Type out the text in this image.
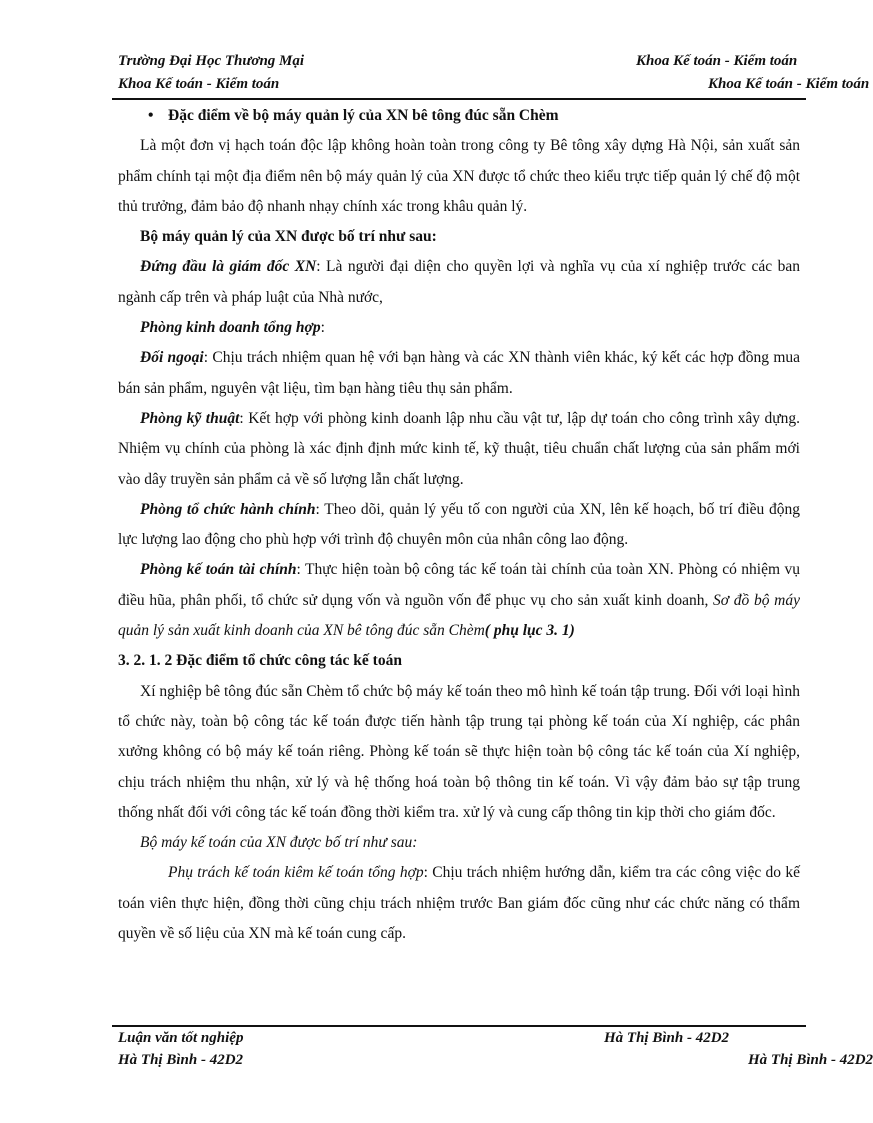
Trường Đại Học Thương Mại	Khoa Kế toán - Kiểm toán
Khoa Kế toán - Kiểm toán	Khoa Kế toán - Kiểm toán

• Đặc điểm về bộ máy quản lý của XN bê tông đúc sẵn Chèm

Là một đơn vị hạch toán độc lập không hoàn toàn trong công ty Bê tông xây dựng Hà Nội, sản xuất sản phẩm chính tại một địa điểm nên bộ máy quản lý của XN được tổ chức theo kiểu trực tiếp quản lý chế độ một thủ trưởng, đảm bảo độ nhanh nhạy chính xác trong khâu quản lý.

Bộ máy quản lý của XN được bố trí như sau:

Đứng đầu là giám đốc XN: Là người đại diện cho quyền lợi và nghĩa vụ của xí nghiệp trước các ban ngành cấp trên và pháp luật của Nhà nước,

Phòng kinh doanh tổng hợp:

Đối ngoại: Chịu trách nhiệm quan hệ với bạn hàng và các XN thành viên khác, ký kết các hợp đồng mua bán sản phẩm, nguyên vật liệu, tìm bạn hàng tiêu thụ sản phẩm.

Phòng kỹ thuật: Kết hợp với phòng kinh doanh lập nhu cầu vật tư, lập dự toán cho công trình xây dựng. Nhiệm vụ chính của phòng là xác định định mức kinh tế, kỹ thuật, tiêu chuẩn chất lượng của sản phẩm mới vào dây truyền sản phẩm cả về số lượng lẫn chất lượng.

Phòng tổ chức hành chính: Theo dõi, quản lý yếu tố con người của XN, lên kế hoạch, bố trí điều động lực lượng lao động cho phù hợp với trình độ chuyên môn của nhân công lao động.

Phòng kế toán tài chính: Thực hiện toàn bộ công tác kế toán tài chính của toàn XN. Phòng có nhiệm vụ điều hũa, phân phối, tổ chức sử dụng vốn và nguồn vốn để phục vụ cho sản xuất kinh doanh, Sơ đồ bộ máy quản lý sản xuất kinh doanh của XN bê tông đúc sẵn Chèm( phụ lục 3. 1)

3. 2. 1. 2 Đặc điểm tổ chức công tác kế toán

Xí nghiệp bê tông đúc sẵn Chèm tổ chức bộ máy kế toán theo mô hình kế toán tập trung. Đối với loại hình tổ chức này, toàn bộ công tác kế toán được tiến hành tập trung tại phòng kế toán của Xí nghiệp, các phân xưởng không có bộ máy kế toán riêng. Phòng kế toán sẽ thực hiện toàn bộ công tác kế toán của Xí nghiệp, chịu trách nhiệm thu nhận, xử lý và hệ thống hoá toàn bộ thông tin kế toán. Vì vậy đảm bảo sự tập trung thống nhất đối với công tác kế toán đồng thời kiểm tra. xử lý và cung cấp thông tin kịp thời cho giám đốc.

Bộ máy kế toán của XN được bố trí như sau:

Phụ trách kế toán kiêm kế toán tổng hợp: Chịu trách nhiệm hướng dẫn, kiểm tra các công việc do kế toán viên thực hiện, đồng thời cũng chịu trách nhiệm trước Ban giám đốc cũng như các chức năng có thẩm quyền về số liệu của XN mà kế toán cung cấp.

Luận văn tốt nghiệp	Hà Thị Bình - 42D2
Hà Thị Bình - 42D2	Hà Thị Bình - 42D2
